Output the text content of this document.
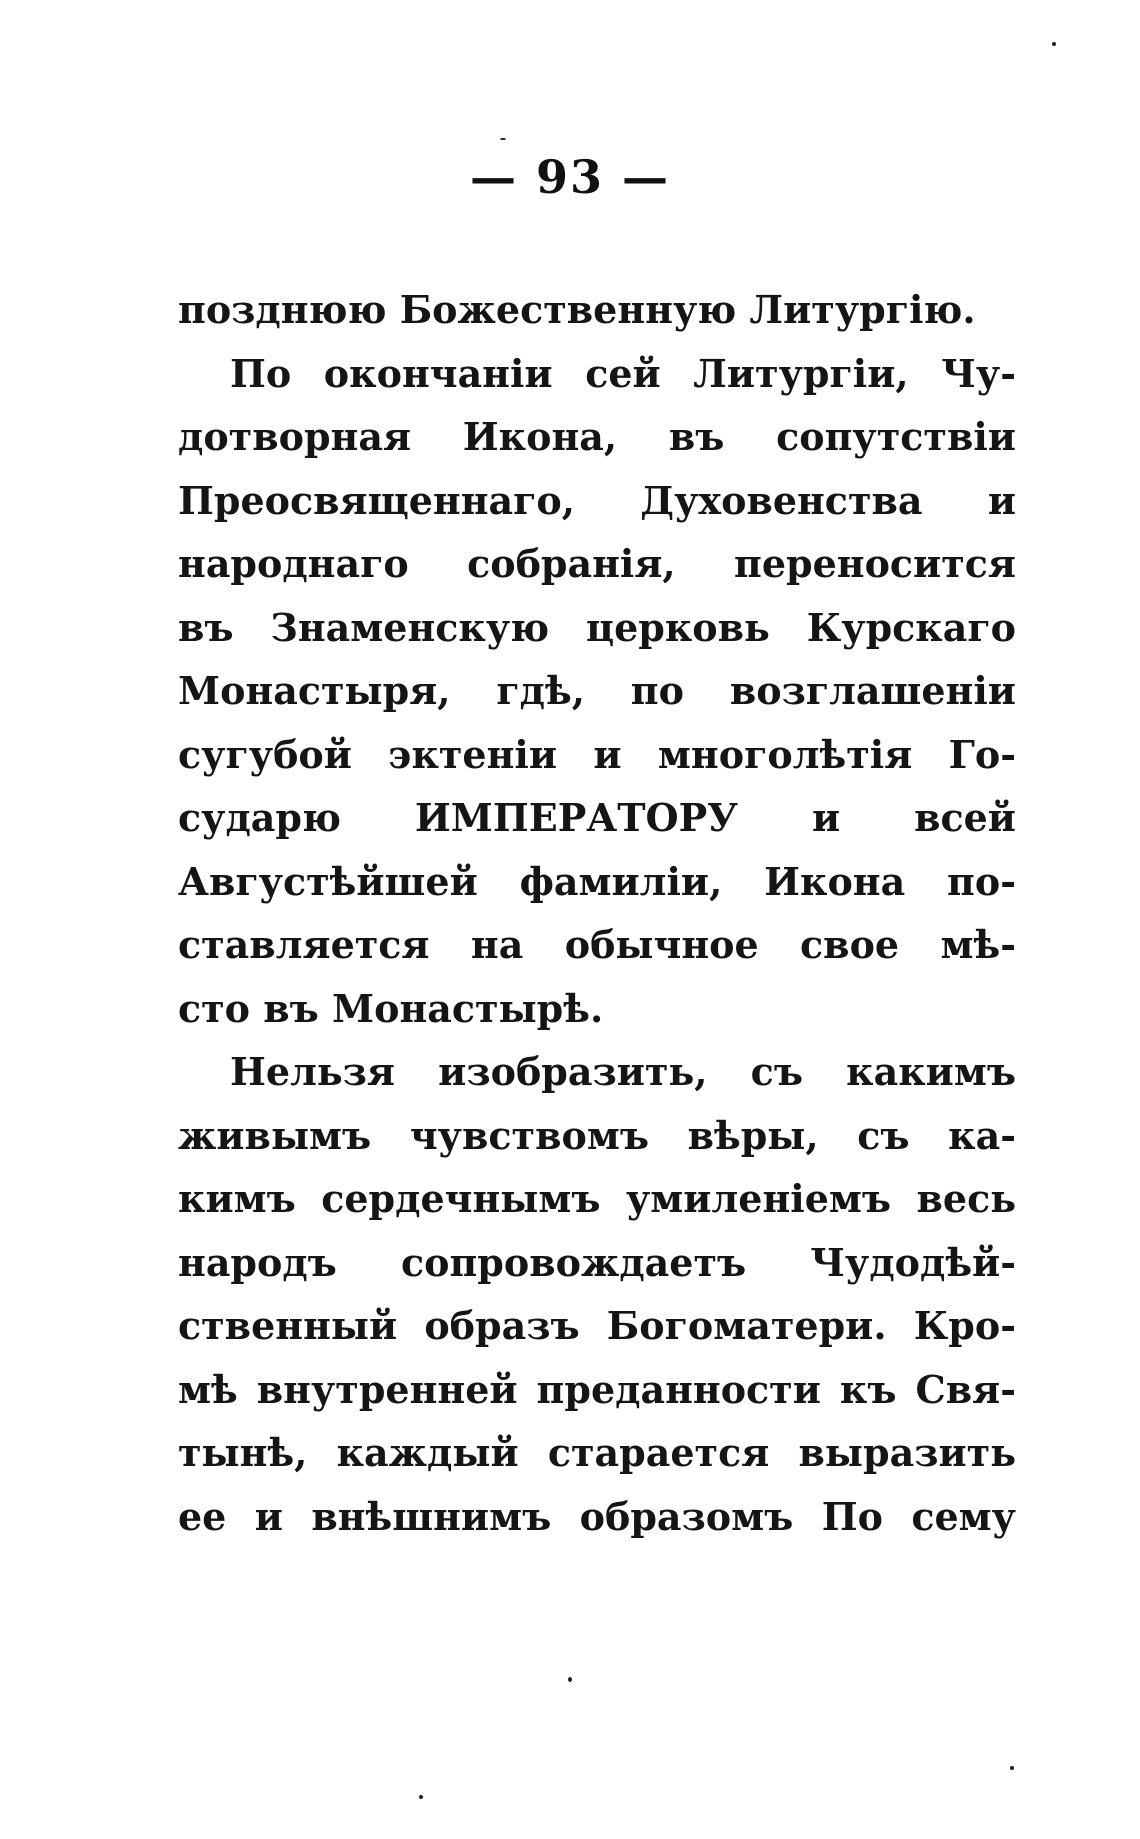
— 93 —
позднюю Божественную Литургію.
По окончаніи сей Литургіи, Чу-
дотворная Икона, въ сопутствіи
Преосвященнаго, Духовенства и
народнаго собранія, переносится
въ Знаменскую церковь Курскаго
Монастыря, гдѣ, по возглашеніи
сугубой эктеніи и многолѣтія Го-
сударю ИМПЕРАТОРУ и всей
Августѣйшей фамиліи, Икона по-
ставляется на обычное свое мѣ-
сто въ Монастырѣ.
Нельзя изобразить, съ какимъ
живымъ чувствомъ вѣры, съ ка-
кимъ сердечнымъ умиленіемъ весь
народъ сопровождаетъ Чудодѣй-
ственный образъ Богоматери. Кро-
мѣ внутренней преданности къ Свя-
тынѣ, каждый старается выразить
ее и внѣшнимъ образомъ По сему
